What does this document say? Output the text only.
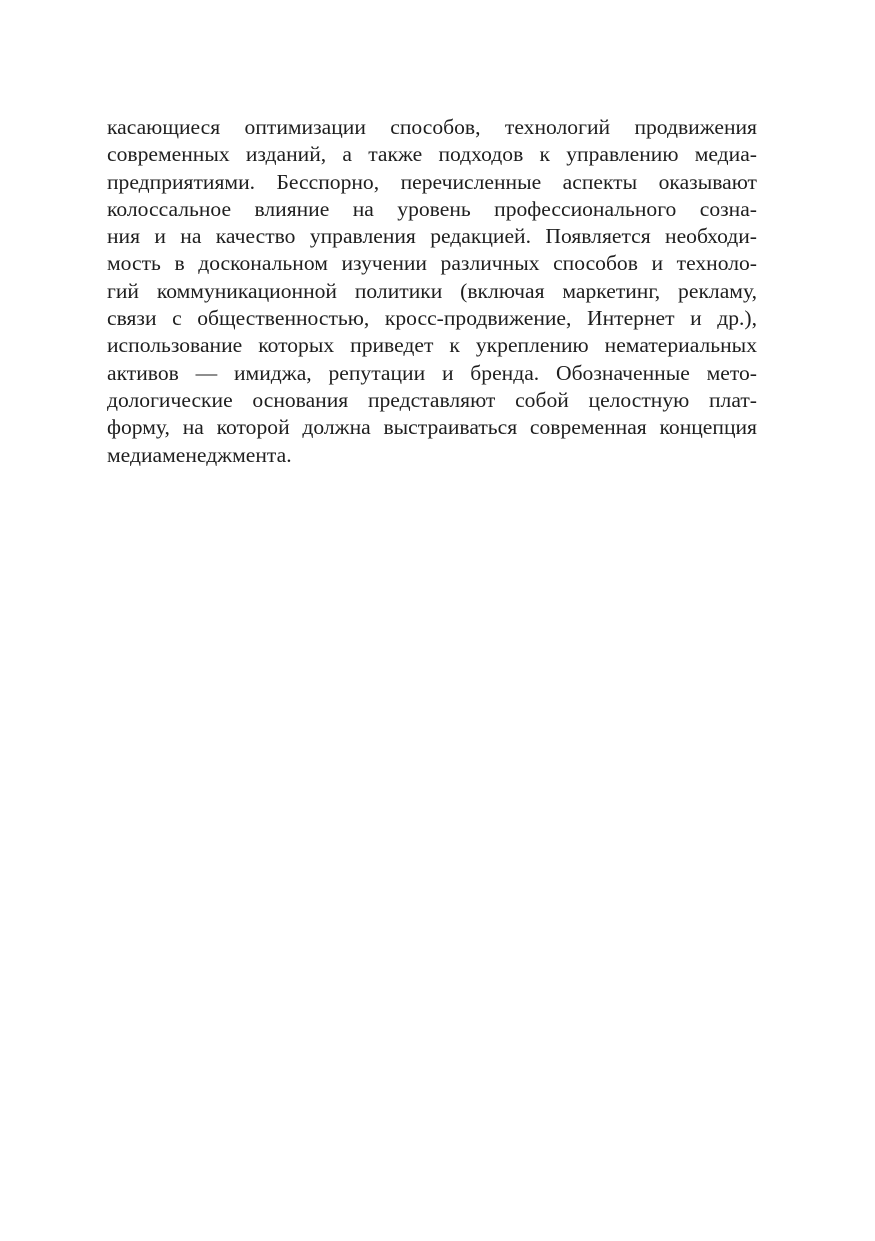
касающиеся оптимизации способов, технологий продвижения
современных изданий, а также подходов к управлению медиа-
предприятиями. Бесспорно, перечисленные аспекты оказывают
колоссальное влияние на уровень профессионального созна-
ния и на качество управления редакцией. Появляется необходи-
мость в доскональном изучении различных способов и техноло-
гий коммуникационной политики (включая маркетинг, рекламу,
связи с общественностью, кросс-продвижение, Интернет и др.),
использование которых приведет к укреплению нематериальных
активов — имиджа, репутации и бренда. Обозначенные мето-
дологические основания представляют собой целостную плат-
форму, на которой должна выстраиваться современная концепция
медиаменеджмента.
